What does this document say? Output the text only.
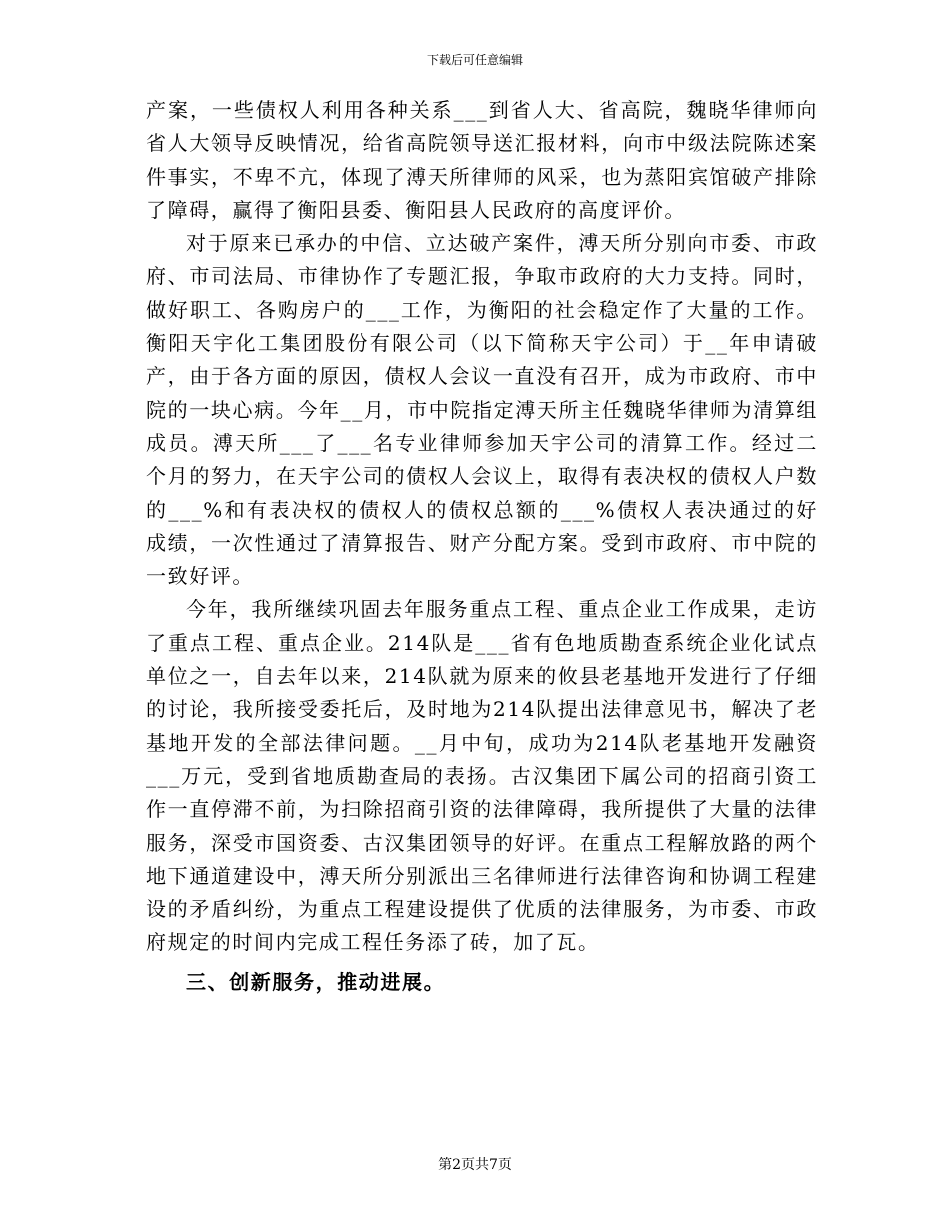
下载后可任意编辑

产案，一些债权人利用各种关系___到省人大、省高院，魏晓华律师向省人大领导反映情况，给省高院领导送汇报材料，向市中级法院陈述案件事实，不卑不亢，体现了溥天所律师的风采，也为蒸阳宾馆破产排除了障碍，赢得了衡阳县委、衡阳县人民政府的高度评价。

对于原来已承办的中信、立达破产案件，溥天所分别向市委、市政府、市司法局、市律协作了专题汇报，争取市政府的大力支持。同时，做好职工、各购房户的___工作，为衡阳的社会稳定作了大量的工作。衡阳天宇化工集团股份有限公司（以下简称天宇公司）于__年申请破产，由于各方面的原因，债权人会议一直没有召开，成为市政府、市中院的一块心病。今年__月，市中院指定溥天所主任魏晓华律师为清算组成员。溥天所___了___名专业律师参加天宇公司的清算工作。经过二个月的努力，在天宇公司的债权人会议上，取得有表决权的债权人户数的___%和有表决权的债权人的债权总额的___%债权人表决通过的好成绩，一次性通过了清算报告、财产分配方案。受到市政府、市中院的一致好评。

今年，我所继续巩固去年服务重点工程、重点企业工作成果，走访了重点工程、重点企业。214队是___省有色地质勘查系统企业化试点单位之一，自去年以来，214队就为原来的攸县老基地开发进行了仔细的讨论，我所接受委托后，及时地为214队提出法律意见书，解决了老基地开发的全部法律问题。__月中旬，成功为214队老基地开发融资___万元，受到省地质勘查局的表扬。古汉集团下属公司的招商引资工作一直停滞不前，为扫除招商引资的法律障碍，我所提供了大量的法律服务，深受市国资委、古汉集团领导的好评。在重点工程解放路的两个地下通道建设中，溥天所分别派出三名律师进行法律咨询和协调工程建设的矛盾纠纷，为重点工程建设提供了优质的法律服务，为市委、市政府规定的时间内完成工程任务添了砖，加了瓦。

三、创新服务，推动进展。

第2页共7页
